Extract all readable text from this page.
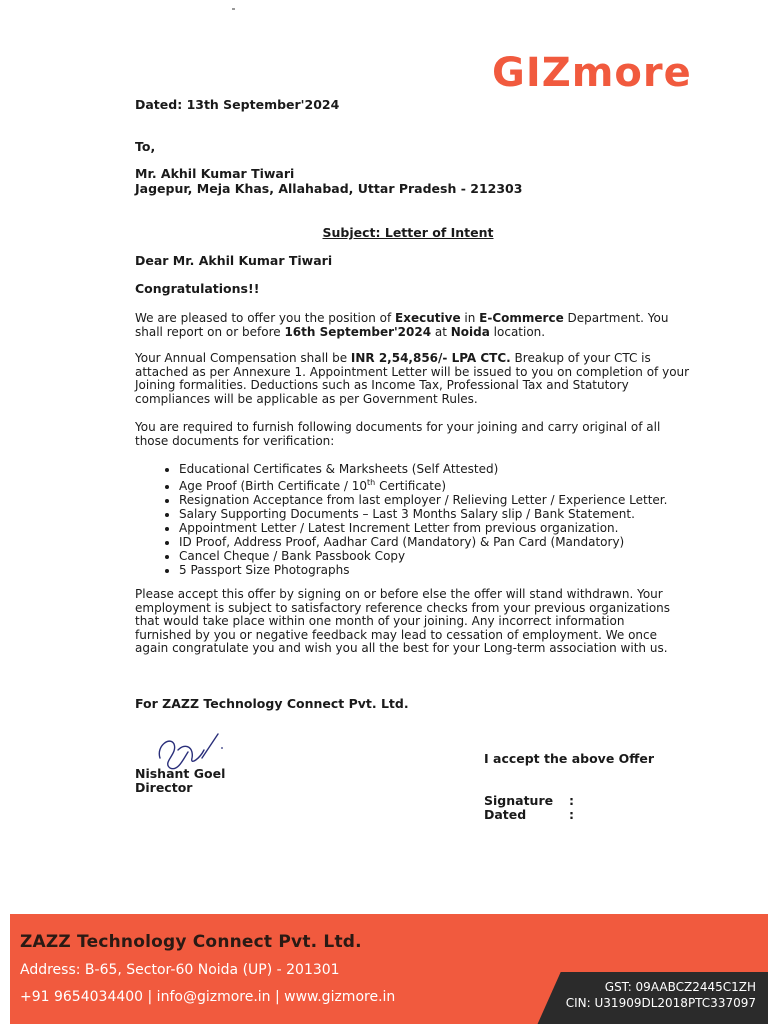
GIZmore
Dated: 13th September'2024
To,
Mr. Akhil Kumar Tiwari
Jagepur, Meja Khas, Allahabad, Uttar Pradesh - 212303
Subject: Letter of Intent
Dear Mr. Akhil Kumar Tiwari
Congratulations!!
We are pleased to offer you the position of Executive in E-Commerce Department. You shall report on or before 16th September'2024 at Noida location.
Your Annual Compensation shall be INR 2,54,856/- LPA CTC. Breakup of your CTC is attached as per Annexure 1. Appointment Letter will be issued to you on completion of your Joining formalities. Deductions such as Income Tax, Professional Tax and Statutory compliances will be applicable as per Government Rules.
You are required to furnish following documents for your joining and carry original of all those documents for verification:
• Educational Certificates & Marksheets (Self Attested)
• Age Proof (Birth Certificate / 10th Certificate)
• Resignation Acceptance from last employer / Relieving Letter / Experience Letter.
• Salary Supporting Documents – Last 3 Months Salary slip / Bank Statement.
• Appointment Letter / Latest Increment Letter from previous organization.
• ID Proof, Address Proof, Aadhar Card (Mandatory) & Pan Card (Mandatory)
• Cancel Cheque / Bank Passbook Copy
• 5 Passport Size Photographs
Please accept this offer by signing on or before else the offer will stand withdrawn. Your employment is subject to satisfactory reference checks from your previous organizations that would take place within one month of your joining. Any incorrect information furnished by you or negative feedback may lead to cessation of employment. We once again congratulate you and wish you all the best for your Long-term association with us.
For ZAZZ Technology Connect Pvt. Ltd.
Nishant Goel
Director
I accept the above Offer
Signature :
Dated	:
ZAZZ Technology Connect Pvt. Ltd.
Address: B-65, Sector-60 Noida (UP) - 201301
+91 9654034400 | info@gizmore.in | www.gizmore.in
GST: 09AABCZ2445C1ZH
CIN: U31909DL2018PTC337097
